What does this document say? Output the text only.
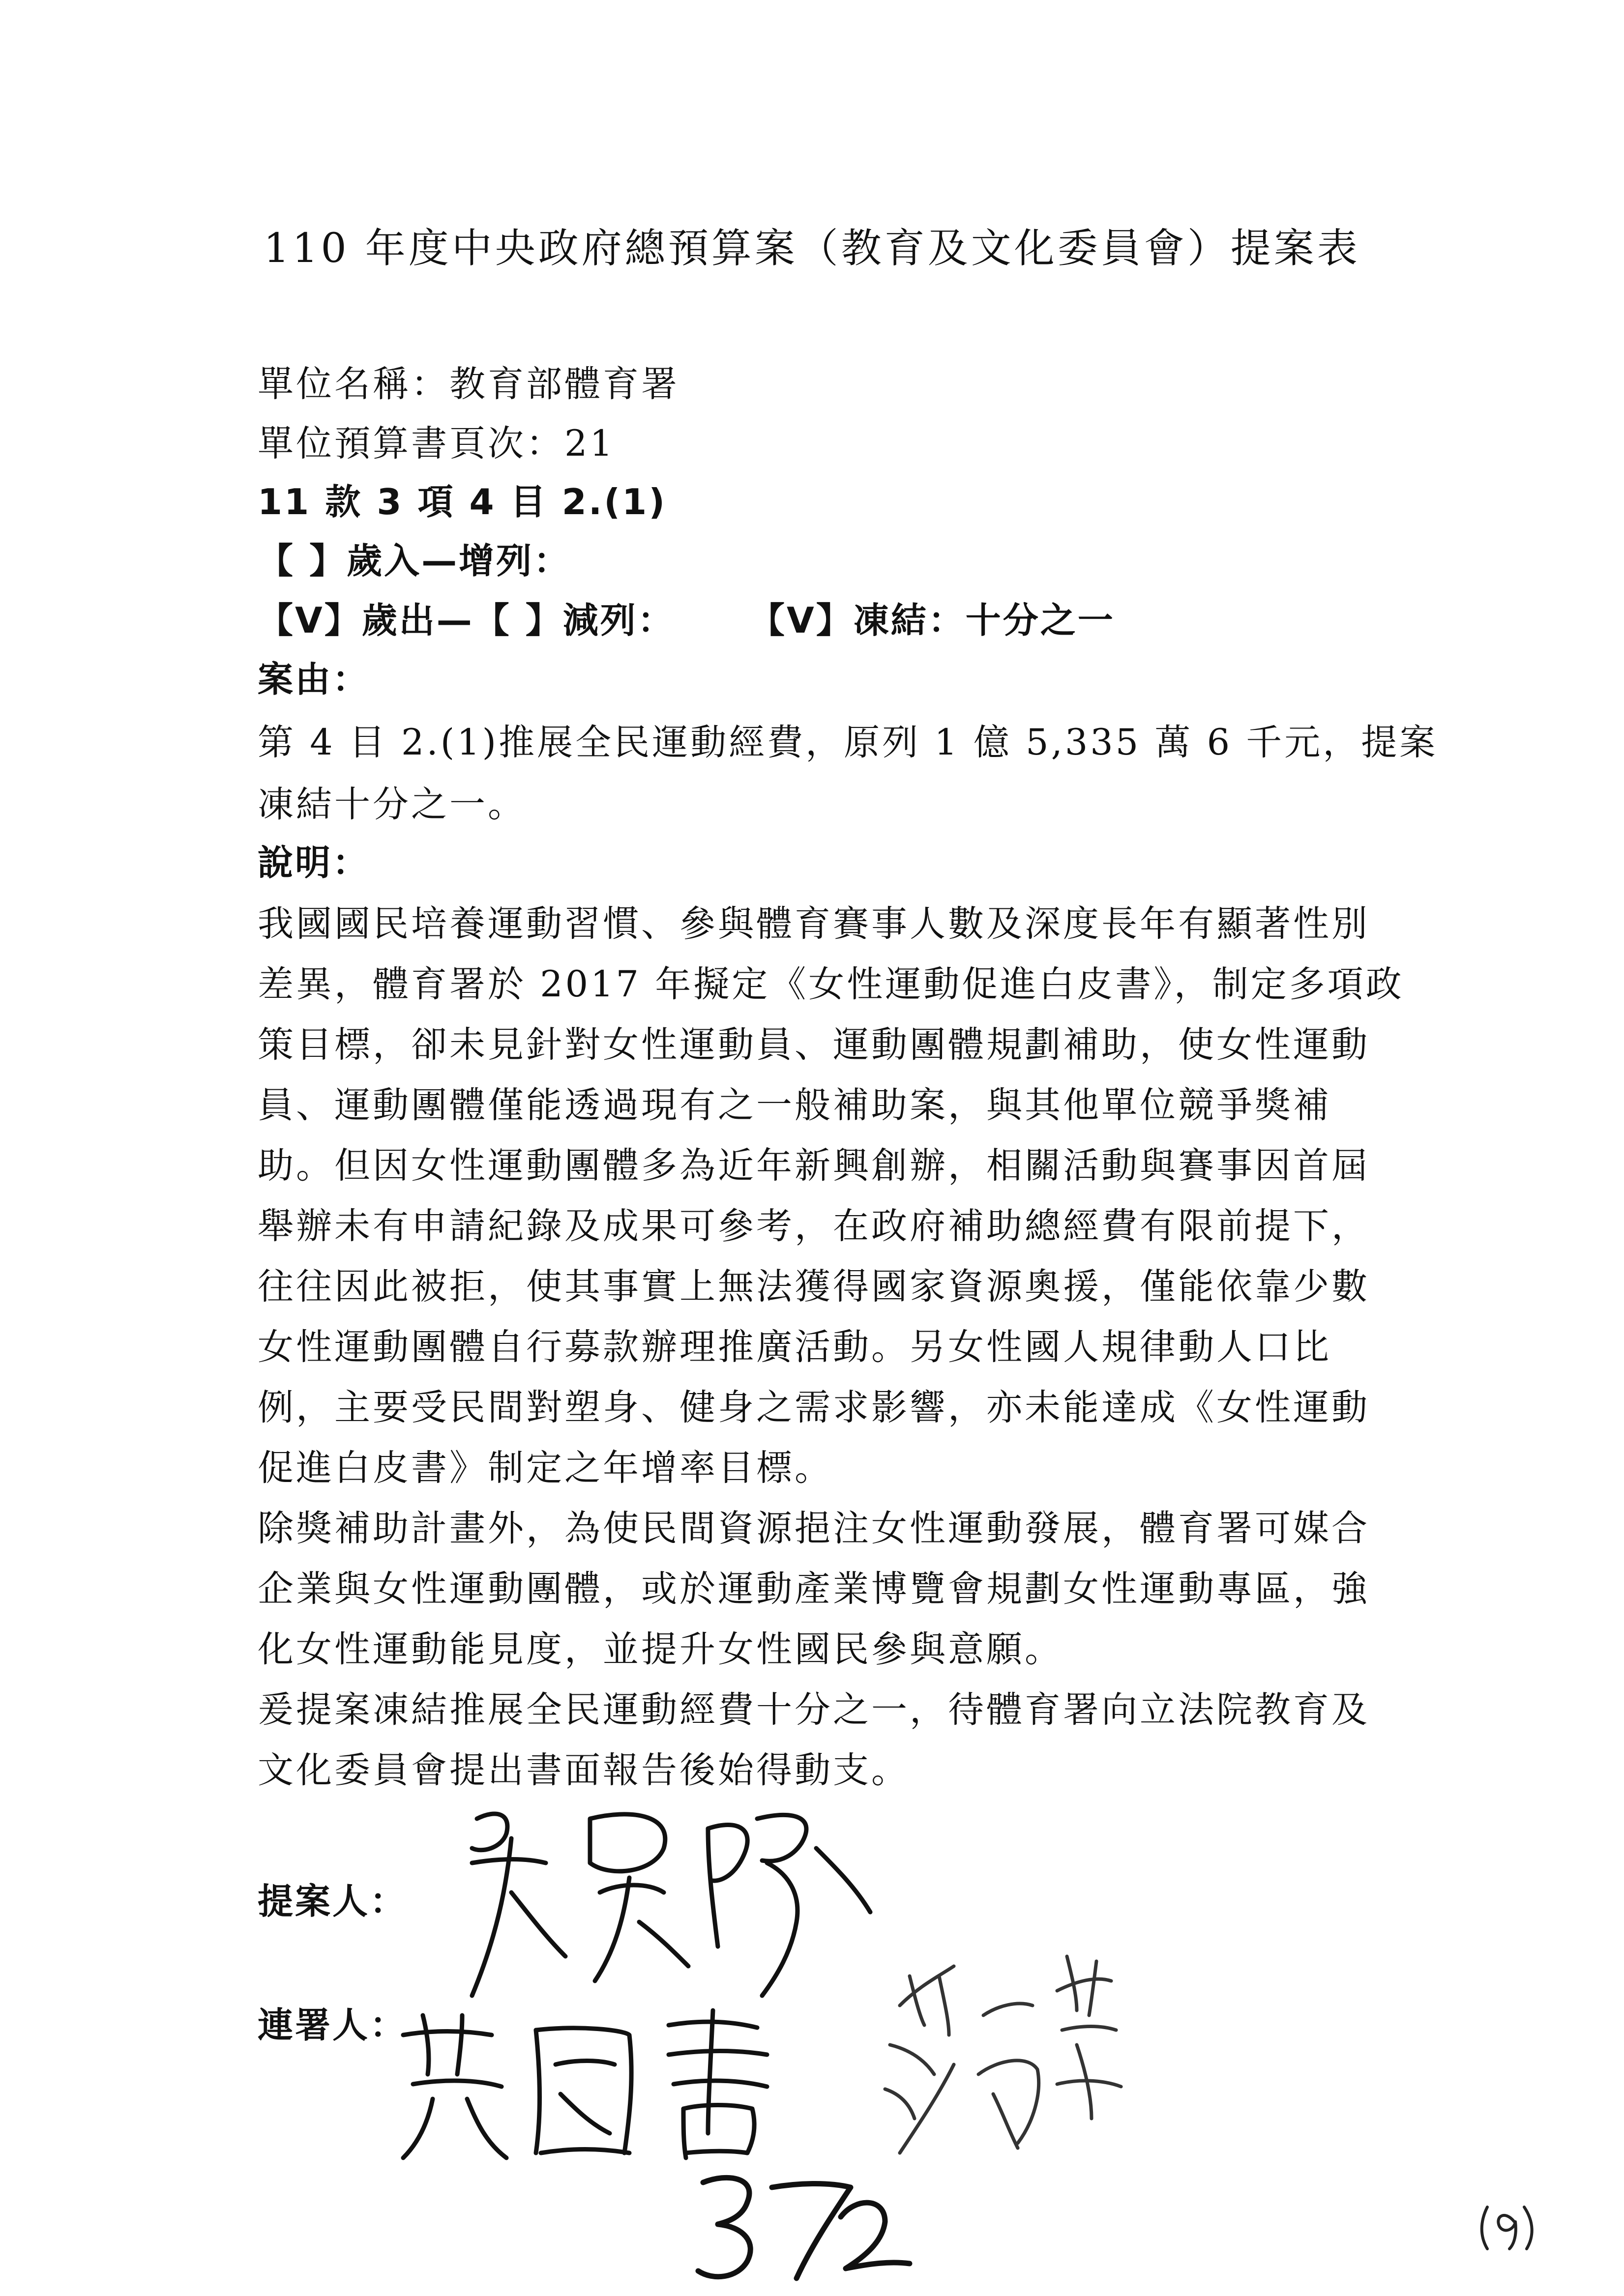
110 年度中央政府總預算案（教育及文化委員會）提案表
單位名稱：教育部體育署
單位預算書頁次：21
11 款 3 項 4 目 2.(1)
【 】歲入—增列：
【V】歲出—【 】減列： 【V】凍結：十分之一
案由：
第 4 目 2.(1)推展全民運動經費，原列 1 億 5,335 萬 6 千元，提案
凍結十分之一。
說明：
我國國民培養運動習慣、參與體育賽事人數及深度長年有顯著性別
差異，體育署於 2017 年擬定《女性運動促進白皮書》，制定多項政
策目標，卻未見針對女性運動員、運動團體規劃補助，使女性運動
員、運動團體僅能透過現有之一般補助案，與其他單位競爭獎補
助。但因女性運動團體多為近年新興創辦，相關活動與賽事因首屆
舉辦未有申請紀錄及成果可參考，在政府補助總經費有限前提下，
往往因此被拒，使其事實上無法獲得國家資源奧援，僅能依靠少數
女性運動團體自行募款辦理推廣活動。另女性國人規律動人口比
例，主要受民間對塑身、健身之需求影響，亦未能達成《女性運動
促進白皮書》制定之年增率目標。
除獎補助計畫外，為使民間資源挹注女性運動發展，體育署可媒合
企業與女性運動團體，或於運動產業博覽會規劃女性運動專區，強
化女性運動能見度，並提升女性國民參與意願。
爰提案凍結推展全民運動經費十分之一，待體育署向立法院教育及
文化委員會提出書面報告後始得動支。
提案人：
連署人：
